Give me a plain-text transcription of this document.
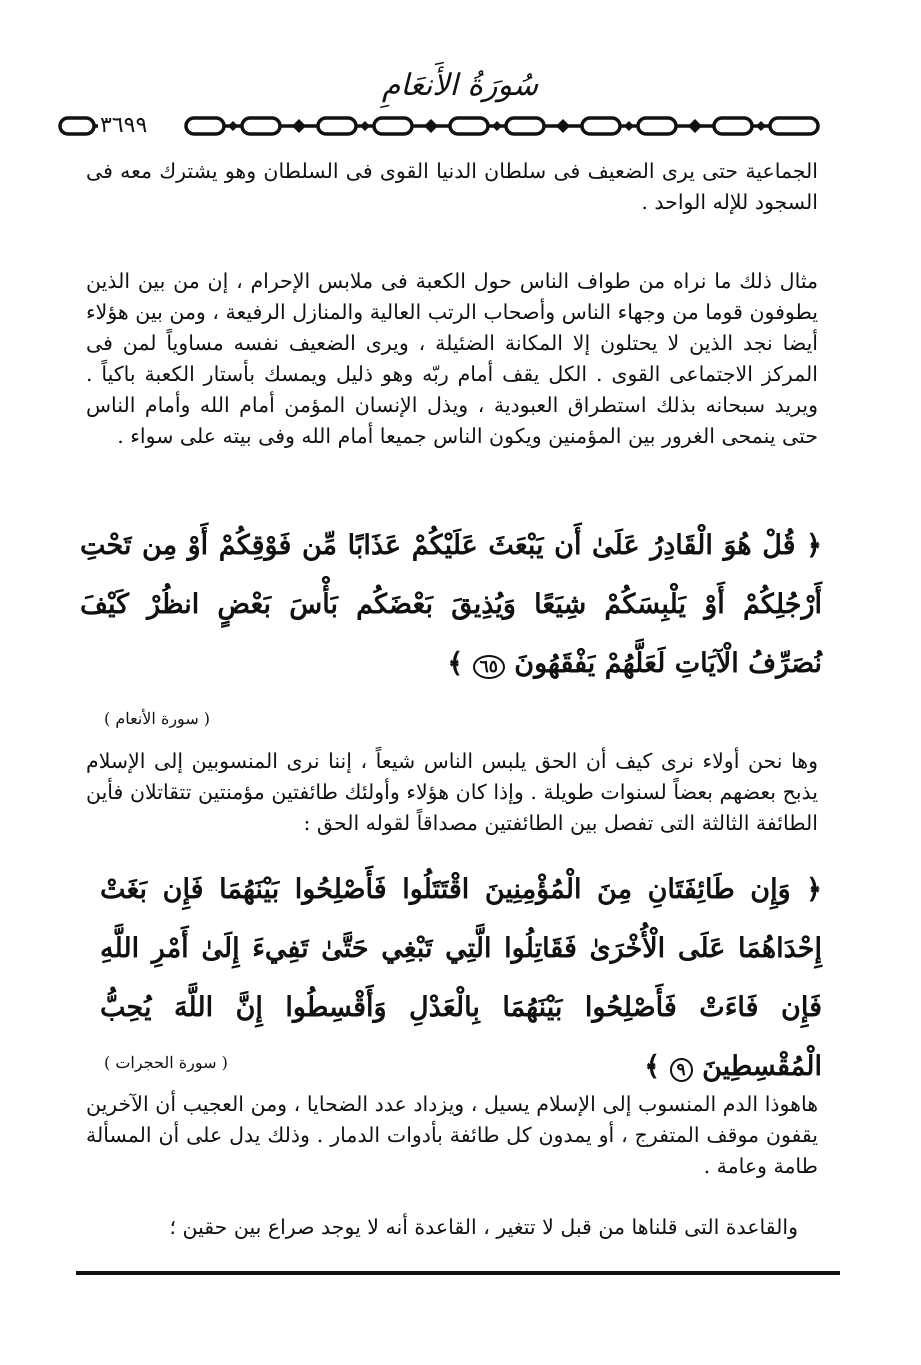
سُورَةُ الأَنعَامِ
٣٦٩٩
الجماعية حتى يرى الضعيف فى سلطان الدنيا القوى فى السلطان وهو يشترك معه فى السجود للإله الواحد .
مثال ذلك ما نراه من طواف الناس حول الكعبة فى ملابس الإحرام ، إن من بين الذين يطوفون قوما من وجهاء الناس وأصحاب الرتب العالية والمنازل الرفيعة ، ومن بين هؤلاء أيضا نجد الذين لا يحتلون إلا المكانة الضئيلة ، ويرى الضعيف نفسه مساوياً لمن فى المركز الاجتماعى القوى . الكل يقف أمام ربّه وهو ذليل ويمسك بأستار الكعبة باكياً . ويريد سبحانه بذلك استطراق العبودية ، ويذل الإنسان المؤمن أمام الله وأمام الناس حتى ينمحى الغرور بين المؤمنين ويكون الناس جميعا أمام الله وفى بيته على سواء .
﴿ قُلْ هُوَ الْقَادِرُ عَلَىٰ أَن يَبْعَثَ عَلَيْكُمْ عَذَابًا مِّن فَوْقِكُمْ أَوْ مِن تَحْتِ أَرْجُلِكُمْ أَوْ يَلْبِسَكُمْ شِيَعًا وَيُذِيقَ بَعْضَكُم بَأْسَ بَعْضٍ انظُرْ كَيْفَ نُصَرِّفُ الْآيَاتِ لَعَلَّهُمْ يَفْقَهُونَ ٦٥ ﴾
( سورة الأنعام )
وها نحن أولاء نرى كيف أن الحق يلبس الناس شيعاً ، إننا نرى المنسوبين إلى الإسلام يذبح بعضهم بعضاً لسنوات طويلة . وإذا كان هؤلاء وأولئك طائفتين مؤمنتين تتقاتلان فأين الطائفة الثالثة التى تفصل بين الطائفتين مصداقاً لقوله الحق :
﴿ وَإِن طَائِفَتَانِ مِنَ الْمُؤْمِنِينَ اقْتَتَلُوا فَأَصْلِحُوا بَيْنَهُمَا فَإِن بَغَتْ إِحْدَاهُمَا عَلَى الْأُخْرَىٰ فَقَاتِلُوا الَّتِي تَبْغِي حَتَّىٰ تَفِيءَ إِلَىٰ أَمْرِ اللَّهِ فَإِن فَاءَتْ فَأَصْلِحُوا بَيْنَهُمَا بِالْعَدْلِ وَأَقْسِطُوا إِنَّ اللَّهَ يُحِبُّ الْمُقْسِطِينَ ٩ ﴾
( سورة الحجرات )
هاهوذا الدم المنسوب إلى الإسلام يسيل ، ويزداد عدد الضحايا ، ومن العجيب أن الآخرين يقفون موقف المتفرج ، أو يمدون كل طائفة بأدوات الدمار . وذلك يدل على أن المسألة طامة وعامة .
والقاعدة التى قلناها من قبل لا تتغير ، القاعدة أنه لا يوجد صراع بين حقين ؛
